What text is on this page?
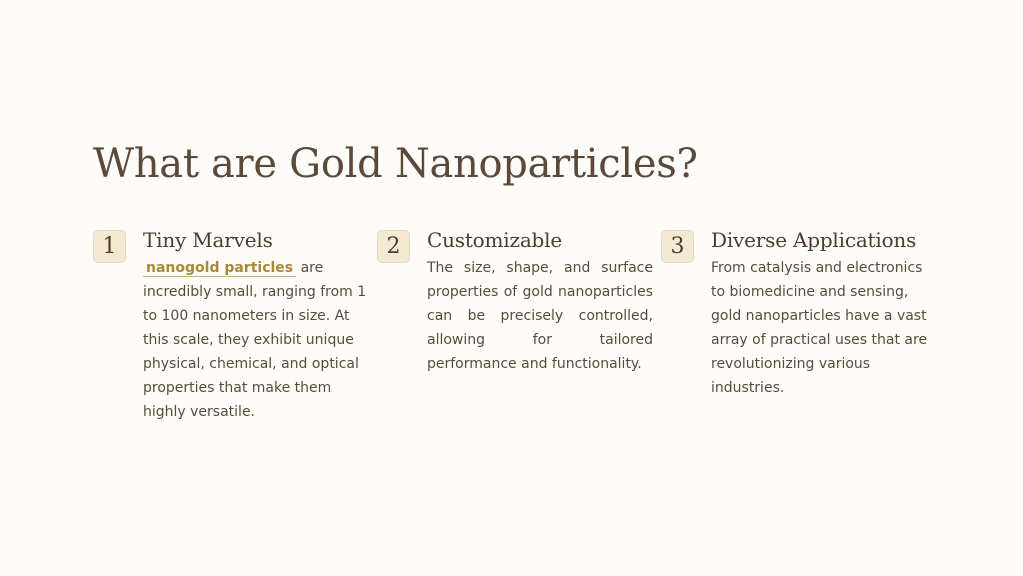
What are Gold Nanoparticles?
1	Tiny Marvels

nanogold particles are incredibly small, ranging from 1 to 100 nanometers in size. At this scale, they exhibit unique physical, chemical, and optical properties that make them highly versatile.

2	Customizable

The size, shape, and surface properties of gold nanoparticles can be precisely controlled, allowing for tailored performance and functionality.

3	Diverse Applications

From catalysis and electronics to biomedicine and sensing, gold nanoparticles have a vast array of practical uses that are revolutionizing various industries.
